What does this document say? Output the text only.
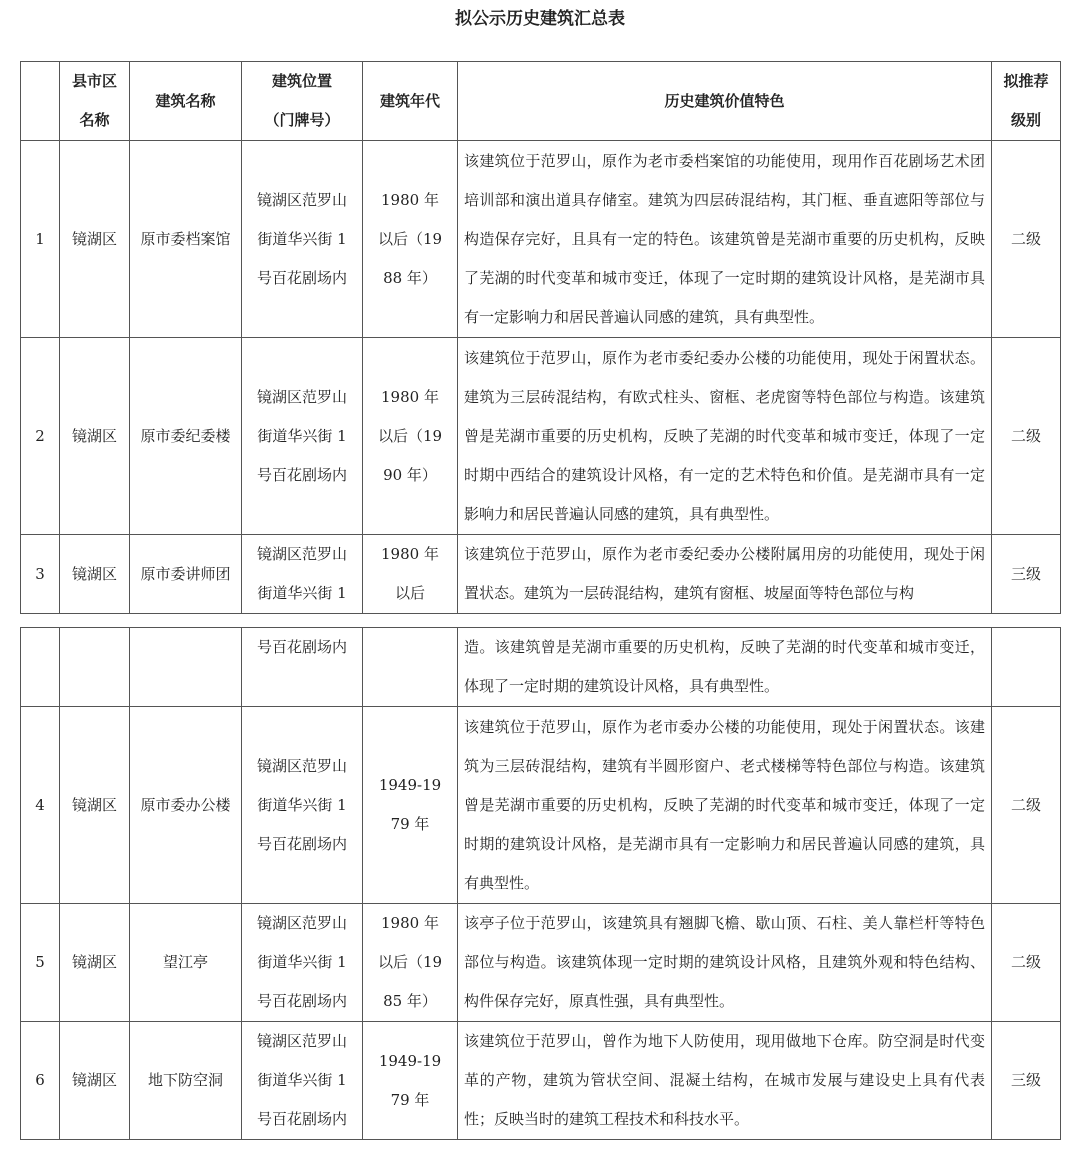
拟公示历史建筑汇总表
	县市区名称	建筑名称	建筑位置（门牌号）	建筑年代	历史建筑价值特色	拟推荐级别
1	镜湖区	原市委档案馆	镜湖区范罗山街道华兴街 1 号百花剧场内	1980 年以后（1988 年）	该建筑位于范罗山，原作为老市委档案馆的功能使用，现用作百花剧场艺术团培训部和演出道具存储室。建筑为四层砖混结构，其门框、垂直遮阳等部位与构造保存完好，且具有一定的特色。该建筑曾是芜湖市重要的历史机构，反映了芜湖的时代变革和城市变迁，体现了一定时期的建筑设计风格，是芜湖市具有一定影响力和居民普遍认同感的建筑，具有典型性。	二级
2	镜湖区	原市委纪委楼	镜湖区范罗山街道华兴街 1 号百花剧场内	1980 年以后（1990 年）	该建筑位于范罗山，原作为老市委纪委办公楼的功能使用，现处于闲置状态。建筑为三层砖混结构，有欧式柱头、窗框、老虎窗等特色部位与构造。该建筑曾是芜湖市重要的历史机构，反映了芜湖的时代变革和城市变迁，体现了一定时期中西结合的建筑设计风格，有一定的艺术特色和价值。是芜湖市具有一定影响力和居民普遍认同感的建筑，具有典型性。	二级
3	镜湖区	原市委讲师团	镜湖区范罗山街道华兴街 1	1980 年以后	该建筑位于范罗山，原作为老市委纪委办公楼附属用房的功能使用，现处于闲置状态。建筑为一层砖混结构，建筑有窗框、坡屋面等特色部位与构	三级
			号百花剧场内		造。该建筑曾是芜湖市重要的历史机构，反映了芜湖的时代变革和城市变迁，体现了一定时期的建筑设计风格，具有典型性。	
4	镜湖区	原市委办公楼	镜湖区范罗山街道华兴街 1 号百花剧场内	1949-1979 年	该建筑位于范罗山，原作为老市委办公楼的功能使用，现处于闲置状态。该建筑为三层砖混结构，建筑有半圆形窗户、老式楼梯等特色部位与构造。该建筑曾是芜湖市重要的历史机构，反映了芜湖的时代变革和城市变迁，体现了一定时期的建筑设计风格，是芜湖市具有一定影响力和居民普遍认同感的建筑，具有典型性。	二级
5	镜湖区	望江亭	镜湖区范罗山街道华兴街 1 号百花剧场内	1980 年以后（1985 年）	该亭子位于范罗山，该建筑具有翘脚飞檐、歇山顶、石柱、美人靠栏杆等特色部位与构造。该建筑体现一定时期的建筑设计风格，且建筑外观和特色结构、构件保存完好，原真性强，具有典型性。	二级
6	镜湖区	地下防空洞	镜湖区范罗山街道华兴街 1 号百花剧场内	1949-1979 年	该建筑位于范罗山，曾作为地下人防使用，现用做地下仓库。防空洞是时代变革的产物，建筑为管状空间、混凝土结构，在城市发展与建设史上具有代表性；反映当时的建筑工程技术和科技水平。	三级
